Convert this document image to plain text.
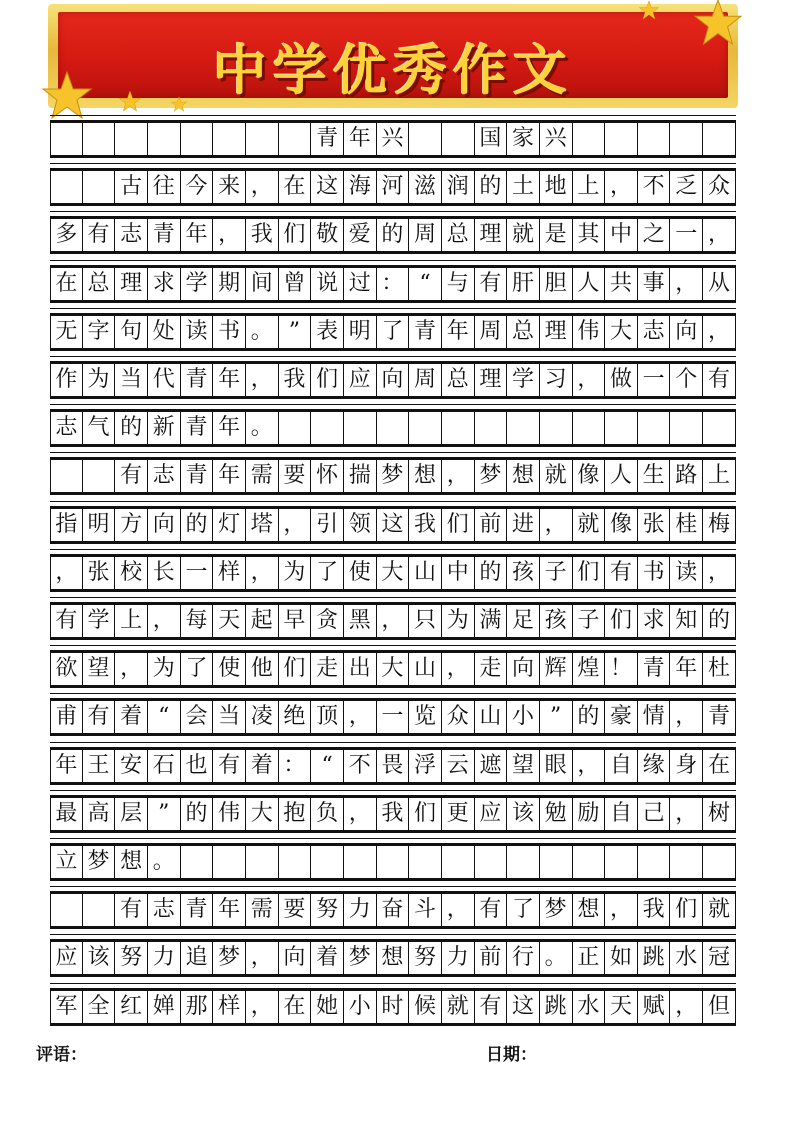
中学优秀作文
青 年 兴	国 家 兴
古 往 今 来 ， 在 这 海 河 滋 润 的 土 地 上 ， 不 乏 众
多 有 志 青 年 ， 我 们 敬 爱 的 周 总 理 就 是 其 中 之 一 ，
在 总 理 求 学 期 间 曾 说 过 ： “ 与 有 肝 胆 人 共 事 ， 从
无 字 句 处 读 书 。 ” 表 明 了 青 年 周 总 理 伟 大 志 向 ，
作 为 当 代 青 年 ， 我 们 应 向 周 总 理 学 习 ， 做 一 个 有
志 气 的 新 青 年 。
有 志 青 年 需 要 怀 揣 梦 想 ， 梦 想 就 像 人 生 路 上
指 明 方 向 的 灯 塔 ， 引 领 这 我 们 前 进 ， 就 像 张 桂 梅
， 张 校 长 一 样 ， 为 了 使 大 山 中 的 孩 子 们 有 书 读 ，
有 学 上 ， 每 天 起 早 贪 黑 ， 只 为 满 足 孩 子 们 求 知 的
欲 望 ， 为 了 使 他 们 走 出 大 山 ， 走 向 辉 煌 ！ 青 年 杜
甫 有 着 “ 会 当 凌 绝 顶 ， 一 览 众 山 小 ” 的 豪 情 ， 青
年 王 安 石 也 有 着 ： “ 不 畏 浮 云 遮 望 眼 ， 自 缘 身 在
最 高 层 ” 的 伟 大 抱 负 ， 我 们 更 应 该 勉 励 自 己 ， 树
立 梦 想 。
有 志 青 年 需 要 努 力 奋 斗 ， 有 了 梦 想 ， 我 们 就
应 该 努 力 追 梦 ， 向 着 梦 想 努 力 前 行 。 正 如 跳 水 冠
军 全 红 婵 那 样 ， 在 她 小 时 候 就 有 这 跳 水 天 赋 ， 但
评语：	日期：
